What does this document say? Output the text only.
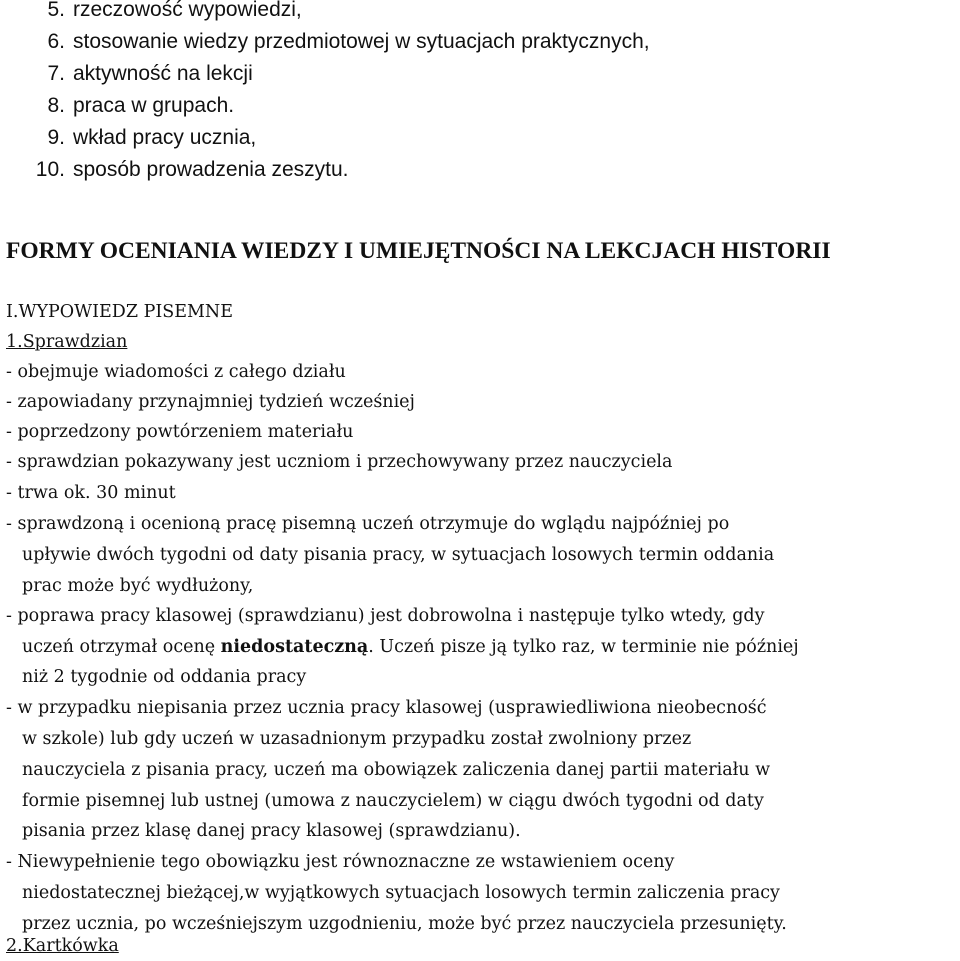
5. rzeczowość wypowiedzi,
6. stosowanie wiedzy przedmiotowej w sytuacjach praktycznych,
7. aktywność na lekcji
8. praca w grupach.
9. wkład pracy ucznia,
10. sposób prowadzenia zeszytu.
FORMY OCENIANIA WIEDZY I UMIEJĘTNOŚCI NA LEKCJACH HISTORII
I.WYPOWIEDZ PISEMNE
1.Sprawdzian
- obejmuje wiadomości z całego działu
- zapowiadany przynajmniej tydzień wcześniej
- poprzedzony powtórzeniem materiału
- sprawdzian pokazywany jest uczniom i przechowywany przez nauczyciela
- trwa ok. 30 minut
- sprawdzoną i ocenioną pracę pisemną uczeń otrzymuje do wglądu najpóźniej po
upływie dwóch tygodni od daty pisania pracy, w sytuacjach losowych termin oddania
prac może być wydłużony,
- poprawa pracy klasowej (sprawdzianu) jest dobrowolna i następuje tylko wtedy, gdy
uczeń otrzymał ocenę niedostateczną. Uczeń pisze ją tylko raz, w terminie nie później
niż 2 tygodnie od oddania pracy
- w przypadku niepisania przez ucznia pracy klasowej (usprawiedliwiona nieobecność
w szkole) lub gdy uczeń w uzasadnionym przypadku został zwolniony przez
nauczyciela z pisania pracy, uczeń ma obowiązek zaliczenia danej partii materiału w
formie pisemnej lub ustnej (umowa z nauczycielem) w ciągu dwóch tygodni od daty
pisania przez klasę danej pracy klasowej (sprawdzianu).
- Niewypełnienie tego obowiązku jest równoznaczne ze wstawieniem oceny
niedostatecznej bieżącej,w wyjątkowych sytuacjach losowych termin zaliczenia pracy
przez ucznia, po wcześniejszym uzgodnieniu, może być przez nauczyciela przesunięty.
2.Kartkówka
